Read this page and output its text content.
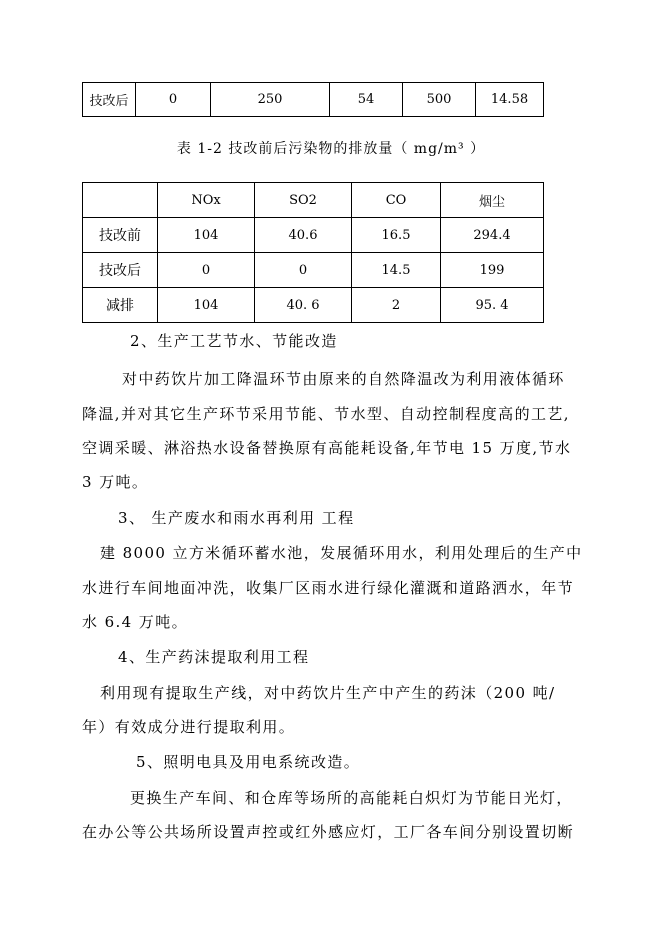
技改后	0	250	54	500	14.58
表 1-2 技改前后污染物的排放量（ mg/m³ ）
	NOx	SO2	CO	烟尘
技改前	104	40.6	16.5	294.4
技改后	0	0	14.5	199
减排	104	40. 6	2	95. 4
2、生产工艺节水、节能改造
对中药饮片加工降温环节由原来的自然降温改为利用液体循环
降温,并对其它生产环节采用节能、节水型、自动控制程度高的工艺,
空调采暖、淋浴热水设备替换原有高能耗设备,年节电 15 万度,节水
3 万吨。
3、 生产废水和雨水再利用 工程
建 8000 立方米循环蓄水池，发展循环用水，利用处理后的生产中
水进行车间地面冲洗，收集厂区雨水进行绿化灌溉和道路洒水，年节
水 6.4 万吨。
4、生产药沫提取利用工程
利用现有提取生产线，对中药饮片生产中产生的药沫（200 吨/
年）有效成分进行提取利用。
5、照明电具及用电系统改造。
更换生产车间、和仓库等场所的高能耗白炽灯为节能日光灯，
在办公等公共场所设置声控或红外感应灯，工厂各车间分别设置切断
